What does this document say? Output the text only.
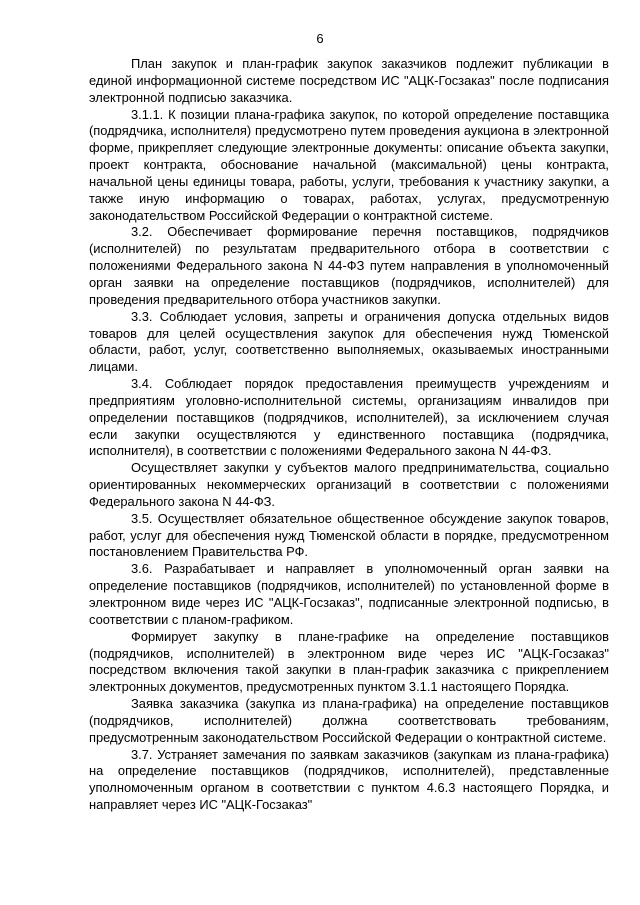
6

План закупок и план-график закупок заказчиков подлежит публикации в единой информационной системе посредством ИС "АЦК-Госзаказ" после подписания электронной подписью заказчика.

3.1.1. К позиции плана-графика закупок, по которой определение поставщика (подрядчика, исполнителя) предусмотрено путем проведения аукциона в электронной форме, прикрепляет следующие электронные документы: описание объекта закупки, проект контракта, обоснование начальной (максимальной) цены контракта, начальной цены единицы товара, работы, услуги, требования к участнику закупки, а также иную информацию о товарах, работах, услугах, предусмотренную законодательством Российской Федерации о контрактной системе.

3.2. Обеспечивает формирование перечня поставщиков, подрядчиков (исполнителей) по результатам предварительного отбора в соответствии с положениями Федерального закона N 44-ФЗ путем направления в уполномоченный орган заявки на определение поставщиков (подрядчиков, исполнителей) для проведения предварительного отбора участников закупки.

3.3. Соблюдает условия, запреты и ограничения допуска отдельных видов товаров для целей осуществления закупок для обеспечения нужд Тюменской области, работ, услуг, соответственно выполняемых, оказываемых иностранными лицами.

3.4. Соблюдает порядок предоставления преимуществ учреждениям и предприятиям уголовно-исполнительной системы, организациям инвалидов при определении поставщиков (подрядчиков, исполнителей), за исключением случая если закупки осуществляются у единственного поставщика (подрядчика, исполнителя), в соответствии с положениями Федерального закона N 44-ФЗ.

Осуществляет закупки у субъектов малого предпринимательства, социально ориентированных некоммерческих организаций в соответствии с положениями Федерального закона N 44-ФЗ.

3.5. Осуществляет обязательное общественное обсуждение закупок товаров, работ, услуг для обеспечения нужд Тюменской области в порядке, предусмотренном постановлением Правительства РФ.

3.6. Разрабатывает и направляет в уполномоченный орган заявки на определение поставщиков (подрядчиков, исполнителей) по установленной форме в электронном виде через ИС "АЦК-Госзаказ", подписанные электронной подписью, в соответствии с планом-графиком.

Формирует закупку в плане-графике на определение поставщиков (подрядчиков, исполнителей) в электронном виде через ИС "АЦК-Госзаказ" посредством включения такой закупки в план-график заказчика с прикреплением электронных документов, предусмотренных пунктом 3.1.1 настоящего Порядка.

Заявка заказчика (закупка из плана-графика) на определение поставщиков (подрядчиков, исполнителей) должна соответствовать требованиям, предусмотренным законодательством Российской Федерации о контрактной системе.

3.7. Устраняет замечания по заявкам заказчиков (закупкам из плана-графика) на определение поставщиков (подрядчиков, исполнителей), представленные уполномоченным органом в соответствии с пунктом 4.6.3 настоящего Порядка, и направляет через ИС "АЦК-Госзаказ"
